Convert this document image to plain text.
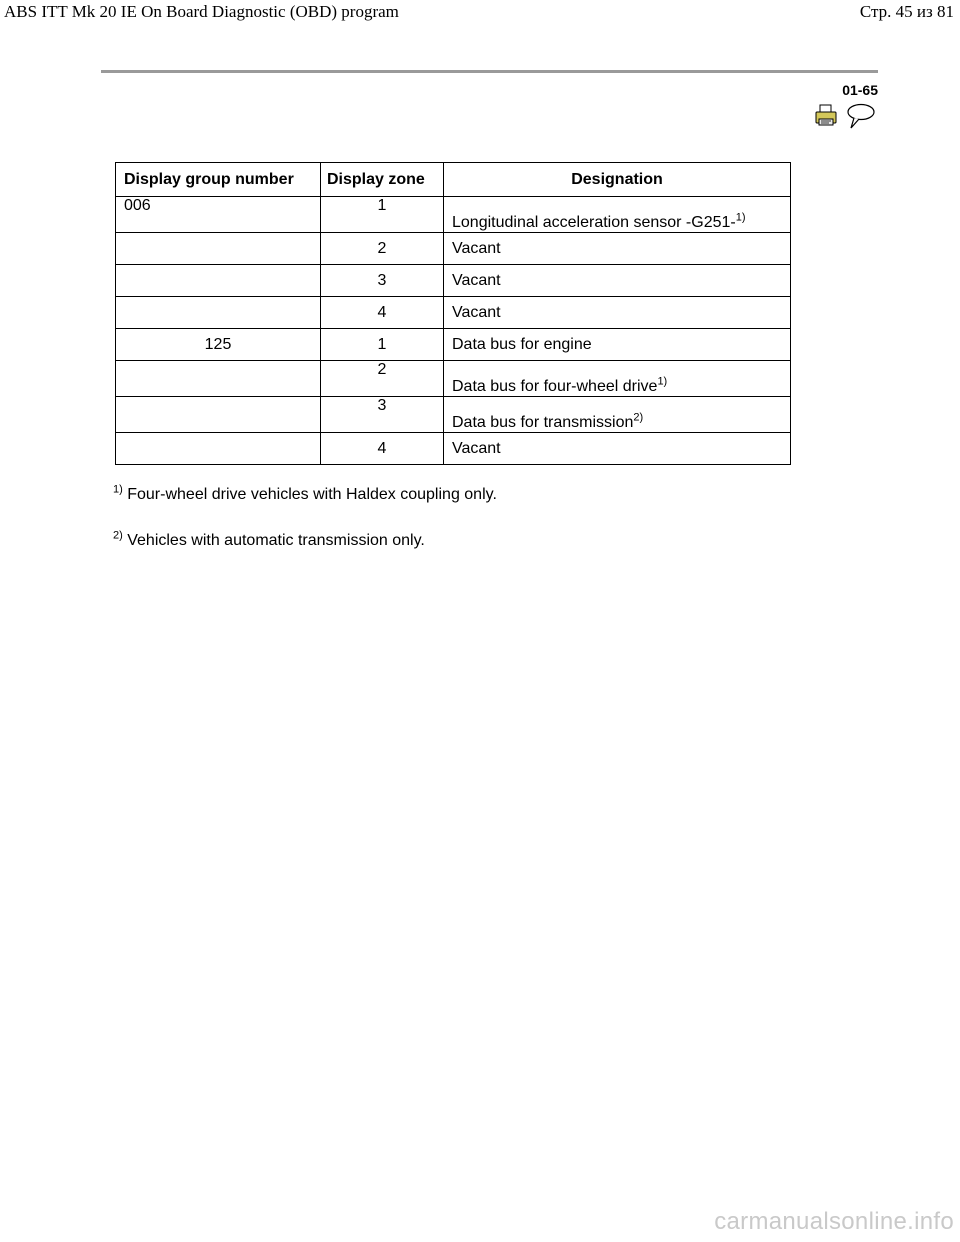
ABS ITT Mk 20 IE On Board Diagnostic (OBD) program	Стр. 45 из 81
01-65
Display group number	Display zone	Designation
006	1	Longitudinal acceleration sensor -G251-$^{1)}$
	2	Vacant
	3	Vacant
	4	Vacant
125	1	Data bus for engine
	2	Data bus for four-wheel drive$^{1)}$
	3	Data bus for transmission$^{2)}$
	4	Vacant
$^{1)}$ Four-wheel drive vehicles with Haldex coupling only.
$^{2)}$ Vehicles with automatic transmission only.
carmanualsonline.info
